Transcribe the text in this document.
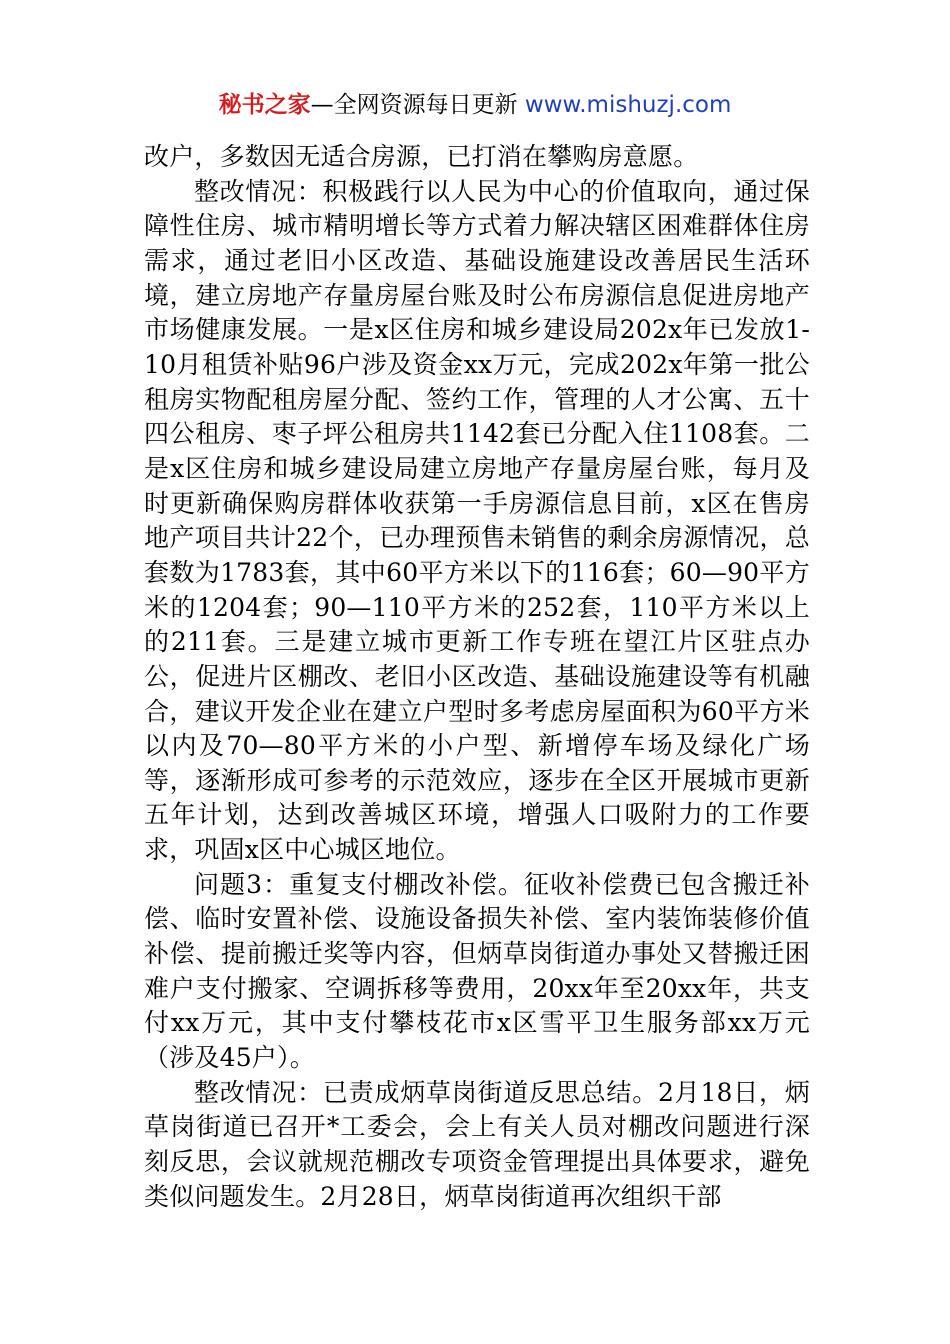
秘书之家—全网资源每日更新 www.mishuzj.com

改户，多数因无适合房源，已打消在攀购房意愿。

整改情况：积极践行以人民为中心的价值取向，通过保障性住房、城市精明增长等方式着力解决辖区困难群体住房需求，通过老旧小区改造、基础设施建设改善居民生活环境，建立房地产存量房屋台账及时公布房源信息促进房地产市场健康发展。一是x区住房和城乡建设局202x年已发放1-10月租赁补贴96户涉及资金xx万元，完成202x年第一批公租房实物配租房屋分配、签约工作，管理的人才公寓、五十四公租房、枣子坪公租房共1142套已分配入住1108套。二是x区住房和城乡建设局建立房地产存量房屋台账，每月及时更新确保购房群体收获第一手房源信息目前，x区在售房地产项目共计22个，已办理预售未销售的剩余房源情况，总套数为1783套，其中60平方米以下的116套；60—90平方米的1204套；90—110平方米的252套，110平方米以上的211套。三是建立城市更新工作专班在望江片区驻点办公，促进片区棚改、老旧小区改造、基础设施建设等有机融合，建议开发企业在建立户型时多考虑房屋面积为60平方米以内及70—80平方米的小户型、新增停车场及绿化广场等，逐渐形成可参考的示范效应，逐步在全区开展城市更新五年计划，达到改善城区环境，增强人口吸附力的工作要求，巩固x区中心城区地位。

问题3：重复支付棚改补偿。征收补偿费已包含搬迁补偿、临时安置补偿、设施设备损失补偿、室内装饰装修价值补偿、提前搬迁奖等内容，但炳草岗街道办事处又替搬迁困难户支付搬家、空调拆移等费用，20xx年至20xx年，共支付xx万元，其中支付攀枝花市x区雪平卫生服务部xx万元（涉及45户）。

整改情况：已责成炳草岗街道反思总结。2月18日，炳草岗街道已召开*工委会，会上有关人员对棚改问题进行深刻反思，会议就规范棚改专项资金管理提出具体要求，避免类似问题发生。2月28日，炳草岗街道再次组织干部
